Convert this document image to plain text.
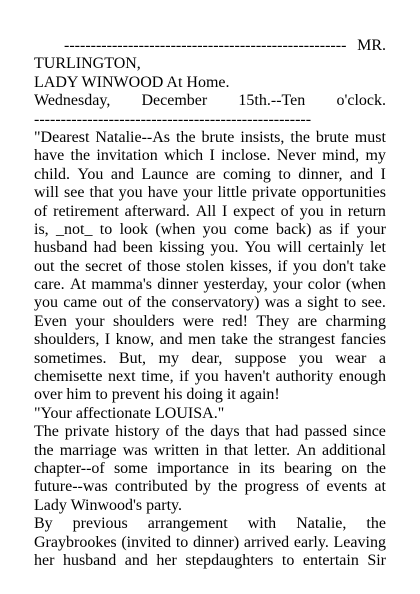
----------------------------------------------------- MR.
TURLINGTON,
LADY WINWOOD At Home.
Wednesday, December 15th.--Ten o'clock.
----------------------------------------------------
"Dearest Natalie--As the brute insists, the brute must
have the invitation which I inclose. Never mind, my
child. You and Launce are coming to dinner, and I
will see that you have your little private opportunities
of retirement afterward. All I expect of you in return
is, _not_ to look (when you come back) as if your
husband had been kissing you. You will certainly let
out the secret of those stolen kisses, if you don't take
care. At mamma's dinner yesterday, your color (when
you came out of the conservatory) was a sight to see.
Even your shoulders were red! They are charming
shoulders, I know, and men take the strangest fancies
sometimes. But, my dear, suppose you wear a
chemisette next time, if you haven't authority enough
over him to prevent his doing it again!
"Your affectionate LOUISA."
The private history of the days that had passed since
the marriage was written in that letter. An additional
chapter--of some importance in its bearing on the
future--was contributed by the progress of events at
Lady Winwood's party.
By previous arrangement with Natalie, the
Graybrookes (invited to dinner) arrived early. Leaving
her husband and her stepdaughters to entertain Sir
